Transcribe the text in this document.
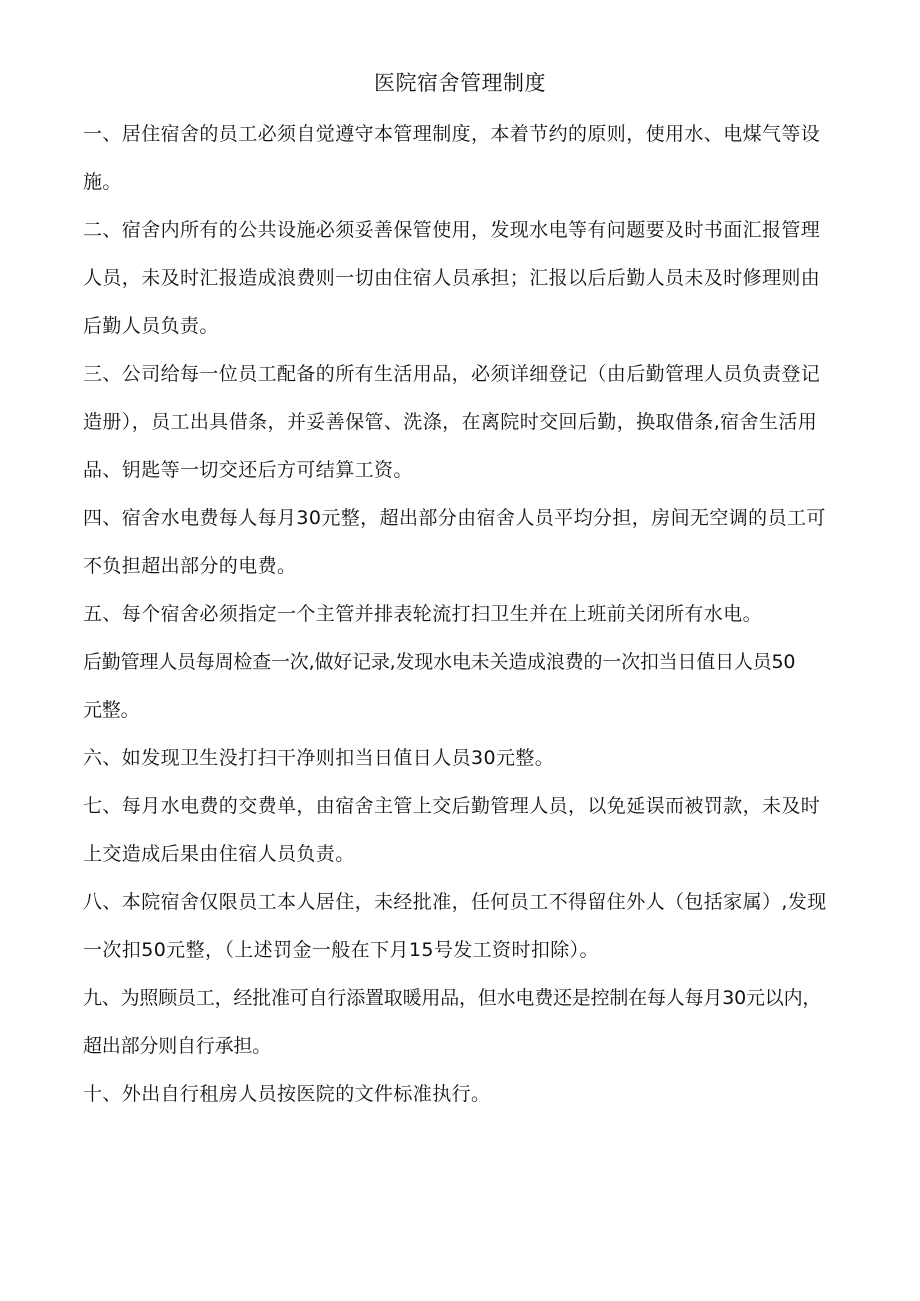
医院宿舍管理制度
一、居住宿舍的员工必须自觉遵守本管理制度，本着节约的原则，使用水、电煤气等设
施。
二、宿舍内所有的公共设施必须妥善保管使用，发现水电等有问题要及时书面汇报管理
人员，未及时汇报造成浪费则一切由住宿人员承担；汇报以后后勤人员未及时修理则由
后勤人员负责。
三、公司给每一位员工配备的所有生活用品，必须详细登记（由后勤管理人员负责登记
造册），员工出具借条，并妥善保管、洗涤，在离院时交回后勤，换取借条,宿舍生活用
品、钥匙等一切交还后方可结算工资。
四、宿舍水电费每人每月30元整，超出部分由宿舍人员平均分担，房间无空调的员工可
不负担超出部分的电费。
五、每个宿舍必须指定一个主管并排表轮流打扫卫生并在上班前关闭所有水电。
后勤管理人员每周检查一次,做好记录,发现水电未关造成浪费的一次扣当日值日人员50
元整。
六、如发现卫生没打扫干净则扣当日值日人员30元整。
七、每月水电费的交费单，由宿舍主管上交后勤管理人员，以免延误而被罚款，未及时
上交造成后果由住宿人员负责。
八、本院宿舍仅限员工本人居住，未经批准，任何员工不得留住外人（包括家属）,发现
一次扣50元整，（上述罚金一般在下月15号发工资时扣除）。
九、为照顾员工，经批准可自行添置取暖用品，但水电费还是控制在每人每月30元以内，
超出部分则自行承担。
十、外出自行租房人员按医院的文件标准执行。
